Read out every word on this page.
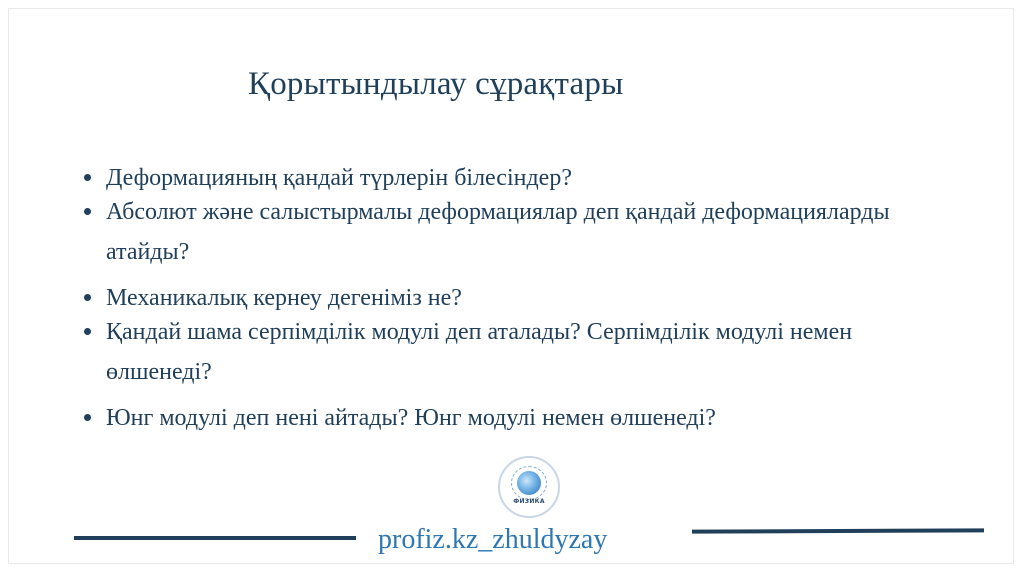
Қорытындылау сұрақтары
Деформацияның қандай түрлерін білесіндер?
Абсолют және салыстырмалы деформациялар деп қандай деформацияларды атайды?
Механикалық кернеу дегеніміз не?
Қандай шама серпімділік модулі деп аталады? Серпімділік модулі немен өлшенеді?
Юнг модулі деп нені айтады? Юнг модулі немен өлшенеді?
ФИЗИКА
profiz.kz_zhuldyzay
